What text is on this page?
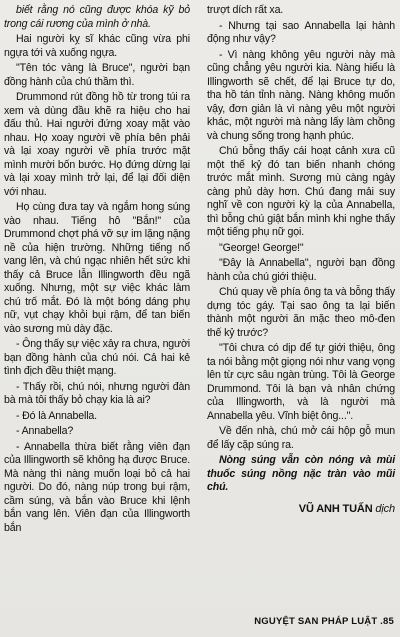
biết rằng nó cũng được khóa kỹ bỏ trong cái rương của mình ở nhà.

Hai người kỵ sĩ khác cũng vừa phi ngựa tới và xuống ngựa.

"Tên tóc vàng là Bruce", người bạn đồng hành của chú thầm thì.

Drummond rút đồng hồ từ trong túi ra xem và dùng đầu khẽ ra hiệu cho hai đấu thủ. Hai người đứng xoay mặt vào nhau. Họ xoay người về phía bên phải và lại xoay người về phía trước mặt mình mười bốn bước. Họ đứng dừng lại và lại xoay mình trở lại, để lại đối diện với nhau.

Họ cùng đưa tay và ngắm hong súng vào nhau. Tiếng hô "Bắn!" của Drummond chợt phá vỡ sự im lặng nặng nề của hiện trường. Những tiếng nổ vang lên, và chú ngạc nhiên hết sức khi thấy cả Bruce lẫn Illingworth đều ngã xuống. Nhưng, một sự việc khác làm chú trố mắt. Đó là một bóng dáng phụ nữ, vụt chạy khỏi bụi rậm, để tan biến vào sương mù dày đặc.

- Ông thấy sự việc xảy ra chưa, người bạn đồng hành của chú nói. Cả hai kẻ tình địch đều thiệt mạng.

- Thấy rồi, chú nói, nhưng người đàn bà mà tôi thấy bỏ chạy kia là ai?

- Đó là Annabella.

- Annabella?

- Annabella thừa biết rằng viên đạn của Illingworth sẽ không hạ được Bruce. Mà nàng thì nàng muốn loại bỏ cả hai người. Do đó, nàng núp trong bụi rậm, cầm súng, và bắn vào Bruce khi lệnh bắn vang lên. Viên đạn của Illingworth bắn

trượt dích rất xa.

- Nhưng tại sao Annabella lại hành động như vậy?

- Vì nàng không yêu người này mà cũng chẳng yêu người kia. Nàng hiểu là Illingworth sẽ chết, để lại Bruce tự do, tha hồ tán tỉnh nàng. Nàng không muốn vậy, đơn giản là vì nàng yêu một người khác, một người mà nàng lấy làm chồng và chung sống trong hạnh phúc.

Chú bỗng thấy cái hoạt cảnh xưa cũ một thế kỷ đó tan biến nhanh chóng trước mắt mình. Sương mù càng ngày càng phủ dày hơn. Chú đang mải suy nghĩ về con người kỳ lạ của Annabella, thì bỗng chú giật bắn mình khi nghe thấy một tiếng phụ nữ gọi.

"George! George!"

"Đây là Annabella", người bạn đồng hành của chú giới thiệu.

Chú quay về phía ông ta và bỗng thấy dựng tóc gáy. Tại sao ông ta lại biến thành một người ăn mặc theo mô-đen thế kỷ trước?

"Tôi chưa có dịp để tự giới thiệu, ông ta nói bằng một giọng nói như vang vọng lên từ cực sâu ngàn trùng. Tôi là George Drummond. Tôi là bạn và nhân chứng của Illingworth, và là người mà Annabella yêu. Vĩnh biệt ông...".

Về đến nhà, chú mở cái hộp gỗ mun để lấy cặp súng ra.

Nòng súng vẫn còn nóng và mùi thuốc súng nồng nặc tràn vào mũi chú.

VŨ ANH TUẤN dịch
NGUYỆT SAN PHÁP LUẬT .85
